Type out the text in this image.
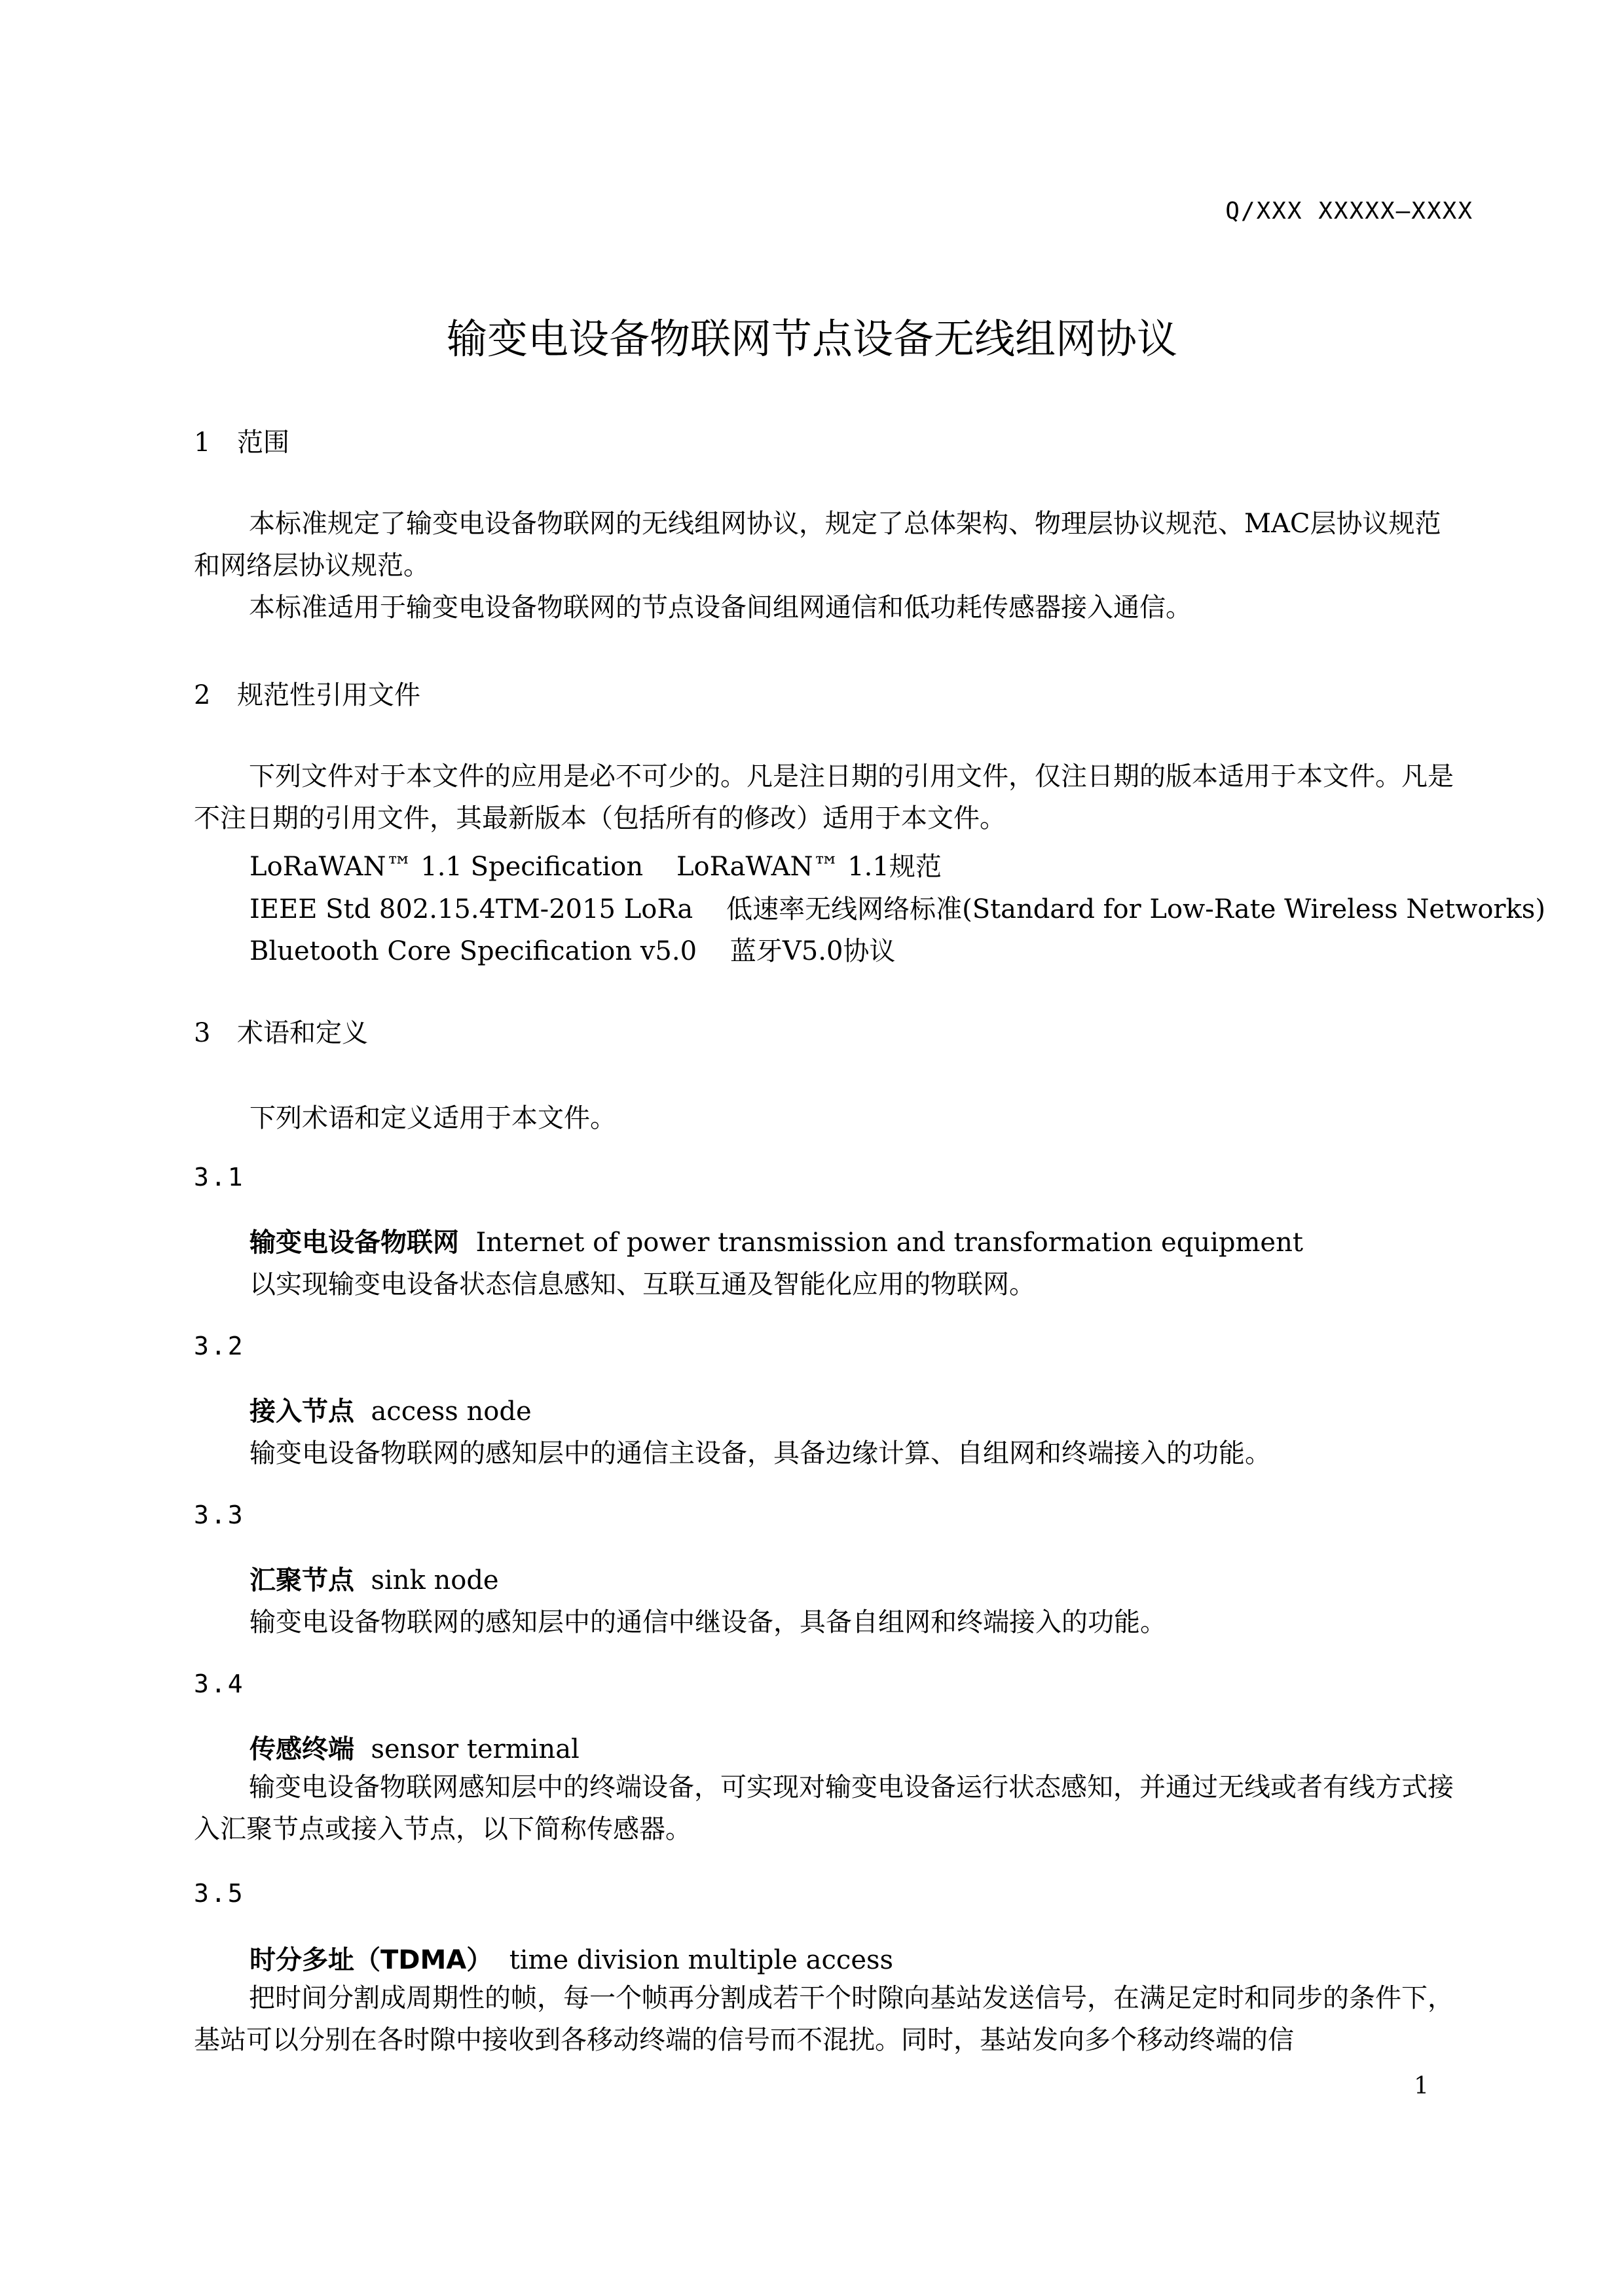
Q/XXX XXXXX—XXXX
输变电设备物联网节点设备无线组网协议
1 范围
本标准规定了输变电设备物联网的无线组网协议，规定了总体架构、物理层协议规范、MAC层协议规范和网络层协议规范。
本标准适用于输变电设备物联网的节点设备间组网通信和低功耗传感器接入通信。
2 规范性引用文件
下列文件对于本文件的应用是必不可少的。凡是注日期的引用文件，仅注日期的版本适用于本文件。凡是不注日期的引用文件，其最新版本（包括所有的修改）适用于本文件。
LoRaWAN™ 1.1 Specification    LoRaWAN™ 1.1规范
IEEE Std 802.15.4TM-2015 LoRa    低速率无线网络标准(Standard for Low-Rate Wireless Networks)
Bluetooth Core Specification v5.0    蓝牙V5.0协议
3 术语和定义
下列术语和定义适用于本文件。
3.1
输变电设备物联网 Internet of power transmission and transformation equipment
以实现输变电设备状态信息感知、互联互通及智能化应用的物联网。
3.2
接入节点 access node
输变电设备物联网的感知层中的通信主设备，具备边缘计算、自组网和终端接入的功能。
3.3
汇聚节点 sink node
输变电设备物联网的感知层中的通信中继设备，具备自组网和终端接入的功能。
3.4
传感终端 sensor terminal
输变电设备物联网感知层中的终端设备，可实现对输变电设备运行状态感知，并通过无线或者有线方式接入汇聚节点或接入节点，以下简称传感器。
3.5
时分多址（TDMA） time division multiple access
把时间分割成周期性的帧，每一个帧再分割成若干个时隙向基站发送信号，在满足定时和同步的条件下，基站可以分别在各时隙中接收到各移动终端的信号而不混扰。同时，基站发向多个移动终端的信
1
